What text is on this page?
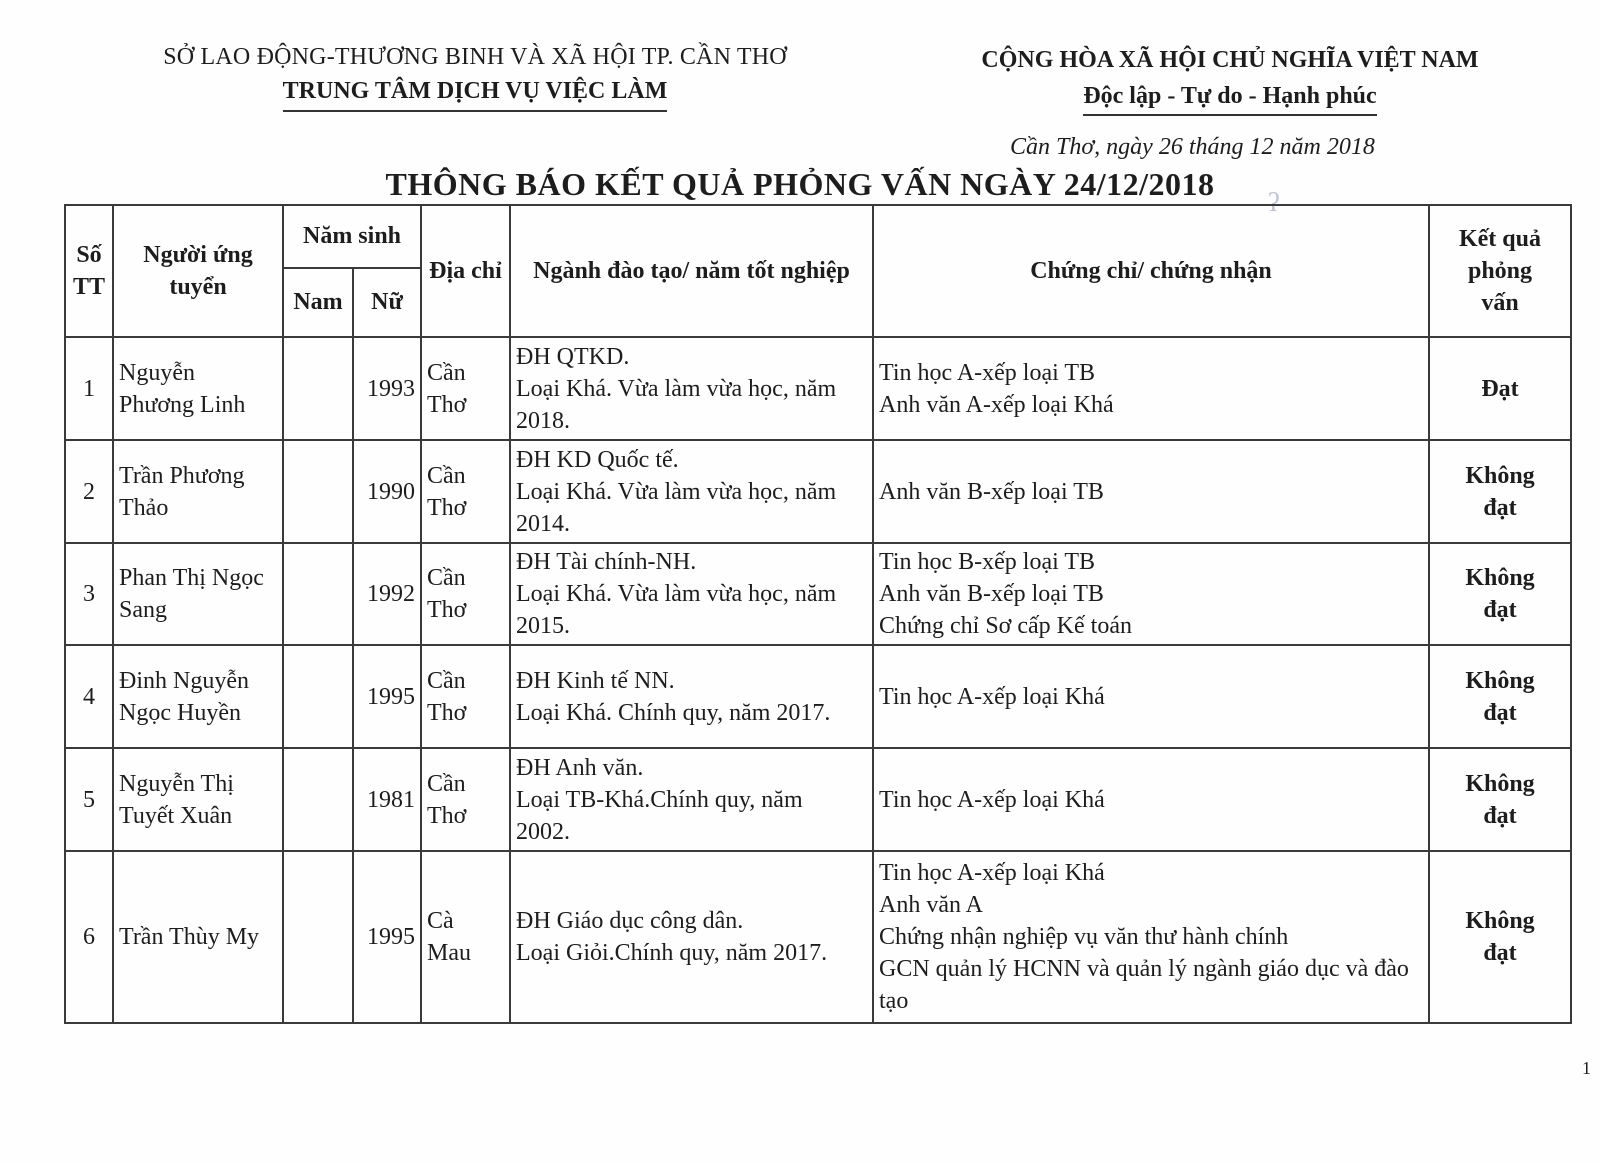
SỞ LAO ĐỘNG-THƯƠNG BINH VÀ XÃ HỘI TP. CẦN THƠ
TRUNG TÂM DỊCH VỤ VIỆC LÀM
CỘNG HÒA XÃ HỘI CHỦ NGHĨA VIỆT NAM
Độc lập - Tự do - Hạnh phúc
Cần Thơ, ngày 26 tháng 12 năm 2018
THÔNG BÁO KẾT QUẢ PHỎNG VẤN NGÀY 24/12/2018
ʔ
Số
TT	Người ứng
tuyển	Năm sinh		Địa chỉ	Ngành đào tạo/ năm tốt nghiệp	Chứng chỉ/ chứng nhận	Kết quả
phỏng
vấn
		Nam	Nữ				
1	Nguyễn
Phương Linh		1993	Cần
Thơ	ĐH QTKD.
Loại Khá. Vừa làm vừa học, năm
2018.	Tin học A-xếp loại TB
Anh văn A-xếp loại Khá	Đạt
2	Trần Phương
Thảo		1990	Cần
Thơ	ĐH KD Quốc tế.
Loại Khá. Vừa làm vừa học, năm
2014.	Anh văn B-xếp loại TB	Không
đạt
3	Phan Thị Ngọc
Sang		1992	Cần
Thơ	ĐH Tài chính-NH.
Loại Khá. Vừa làm vừa học, năm
2015.	Tin học B-xếp loại TB
Anh văn B-xếp loại TB
Chứng chỉ Sơ cấp Kế toán	Không
đạt
4	Đinh Nguyễn
Ngọc Huyền		1995	Cần
Thơ	ĐH Kinh tế NN.
Loại Khá. Chính quy, năm 2017.	Tin học A-xếp loại Khá	Không
đạt
5	Nguyễn Thị
Tuyết Xuân		1981	Cần
Thơ	ĐH Anh văn.
Loại TB-Khá.Chính quy, năm
2002.	Tin học A-xếp loại Khá	Không
đạt
6	Trần Thùy My		1995	Cà
Mau	ĐH Giáo dục công dân.
Loại Giỏi.Chính quy, năm 2017.	Tin học A-xếp loại Khá
Anh văn A
Chứng nhận nghiệp vụ văn thư hành chính
GCN quản lý HCNN và quản lý ngành giáo dục và đào tạo	Không
đạt
1
